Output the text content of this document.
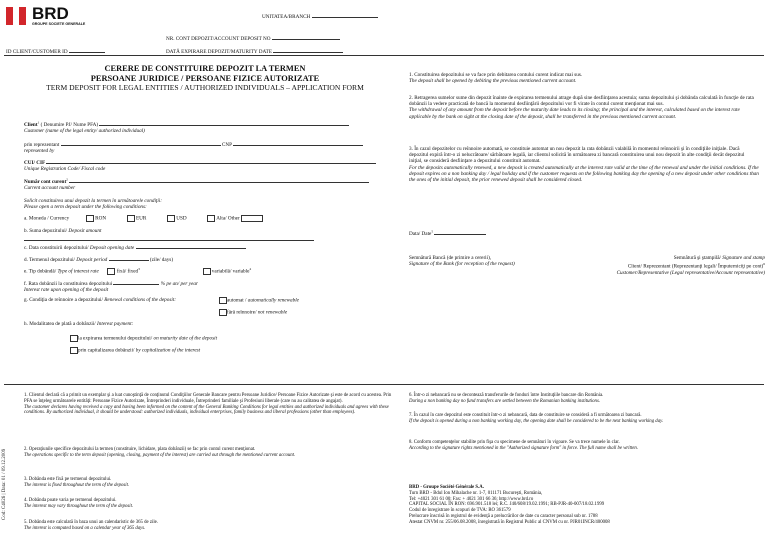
BRD
GROUPE SOCIETE GENERALE
UNITATEA/BRANCH
NR. CONT DEPOZIT/ACCOUNT DEPOSIT NO
ID CLIENT/CUSTOMER ID	DATĂ EXPIRARE DEPOZIT/MATURITY DATE
CERERE DE CONSTITUIRE DEPOZIT LA TERMEN
PERSOANE JURIDICE / PERSOANE FIZICE AUTORIZATE
TERM DEPOSIT FOR LEGAL ENTITIES / AUTHORIZED INDIVIDUALS – APPLICATION FORM
Client$^1$ ( Denumire PJ/ Nume PFA)
Customer (name of the legal entity/ authorized individual)
prin reprezentant	CNP
represented by
CUI/ CIF
Unique Registration Code/ Fiscal code
Număr cont curent$^2$
Current account number
Solicit constituirea unui depozit la termen în următoarele condiţii:
Please open a term deposit under the following conditions:
a. Moneda / Currency	RON	EUR	USD	Alta/ Other
b. Suma depozitului/ Deposit amount
c. Data constituirii depozitului/ Deposit opening date
d. Termenul depozitului/ Deposit period	(zile/ days)
e. Tip dobândă/ Type of interest rate	fixă/ fixed$^3$	variabilă/ variable$^4$
f. Rata dobânzii la constituirea depozitului	% pe an/ per year
Interest rate upon opening of the deposit
g. Condiţia de reînnoire a depozitului/ Renewal conditions of the deposit:	automat / automatically renewable
fără reînnoire/ not renewable
h. Modalitatea de plată a dobânzii/ Interest payment:
la expirarea termenului depozitului/ on maturity date of the deposit
prin capitalizarea dobânzii/ by capitalization of the interest
1. Constituirea depozitului se va face prin debitarea contului curent indicat mai sus.
The deposit shall be opened by debiting the previous mentioned current account.
2. Retragerea sumelor sume din depozit înainte de expirarea termenului atrage după sine desfiinţarea acestuia; suma depozitului şi dobânda calculată în funcţie de rata dobânzii la vedere practicată de bancă la momentul desfiinţării depozitului vor fi virate în contul curent menţionat mai sus.
The withdrawal of any amount from the deposit before the maturity date leads to its closing; the principal and the interest, calculated based on the interest rate applicable by the bank on sight at the closing date of the deposit, shall be transferred in the previous mentioned current account.
3. În cazul depozitelor cu reînnoire automată, se constituie automat un nou depozit la rata dobânzii valabilă în momentul reînnoirii şi în condiţiile iniţiale. Dacă depozitul expiră într-o zi nelucrătoare/ sărbătoare legală, iar clientul solicită în următoarea zi bancară constituirea unui nou depozit în alte condiţii decât depozitul iniţial, se consideră desfiinţare a depozitului constituit automat.
For the deposits automatically renewed, a new deposit is created automatically at the interest rate valid at the time of the renewal and under the initial conditions. If the deposit expires on a non banking day / legal holiday and if the customer requests on the following banking day the opening of a new deposit under other conditions than the ones of the initial deposit, the prior renewed deposit shall be considered closed.
Data/ Date$^5$
Semnătură Bancă (de primire a cererii),
Signature of the Bank (for reception of the request)
Semnătură şi ştampilă/ Signature and stamp
Client/ Reprezentant (Reprezentanţi legali/ Împuterniciţi pe cont)$^6$
Customer/Representative (Legal representative/Account representative)
1. Clientul declară că a primit un exemplar şi a luat cunoştinţă de conţinutul Condiţiilor Generale Bancare pentru Persoane Juridice/ Persoane Fizice Autorizate şi este de acord cu acestea. Prin PFA se înţeleg următoarele entităţi: Persoane Fizice Autorizate, Întreprinderi individuale, Întreprinderi familiale şi Profesiuni liberale (care nu au calitatea de angajat).
The customer declares having received a copy and having been informed on the content of the General Banking Conditions for legal entities and authorized individuals and agrees with these conditions. By authorized individual, it should be understood: authorized individuals, individual enterprises, family business and liberal professions (other than employees).
2. Operaţiunile specifice depozitului la termen (constituire, lichidare, plata dobânzii) se fac prin contul curent menţionat.
The operations specific to the term deposit (opening, closing, payment of the interest) are carried out through the mentioned current account.
3. Dobânda este fixă pe termenul depozitului.
The interest is fixed throughout the term of the deposit.
4. Dobânda poate varia pe termenul depozitului.
The interest may vary throughout the term of the deposit.
5. Dobânda este calculată în baza unui an calendaristic de 365 de zile.
The interest is computed based on a calendar year of 365 days.
6. Într-o zi nebancară nu se decontează transferurile de fonduri între Instituţiile bancare din România.
During a non banking day no fund transfers are settled between the Romanian banking institutions.
7. În cazul în care depozitul este constituit într-o zi nebancară, data de constituire se consideră a fi următoarea zi bancară.
If the deposit is opened during a non banking working day, the opening date shall be considered to be the next banking working day.
8. Conform competenţelor stabilite prin fişa cu specimene de semnături în vigoare. Se va trece numele în clar.
According to the signature rights mentioned in the "Authorized signature form" in force. The full name shall be written.
BRD - Groupe Société Générale S.A.
Turn BRD - Bdul Ion Mihalache nr. 1-7, 011171 Bucureşti, România,
Tel: +4021 301 61 00; Fax: + 4021 301 66 36; http://www.brd.ro
CAPITAL SOCIAL ÎN RON: 696.901.518 lei; R.C. J40/608/19.02.1991; RB-PJR-40-007/18.02.1999
Codul de înregistrare în scopuri de TVA: RO 361579
Prelucrare înscrisă în registrul de evidenţă a prelucrărilor de date cu caracter personal sub nr. 1788
Atestat CNVM nr. 255/06.08.2008, înregistrată în Registrul Public al CNVM cu nr. PJR01INCR/400008
Cod: C4026 | Data: 01 / 09.12.2009
